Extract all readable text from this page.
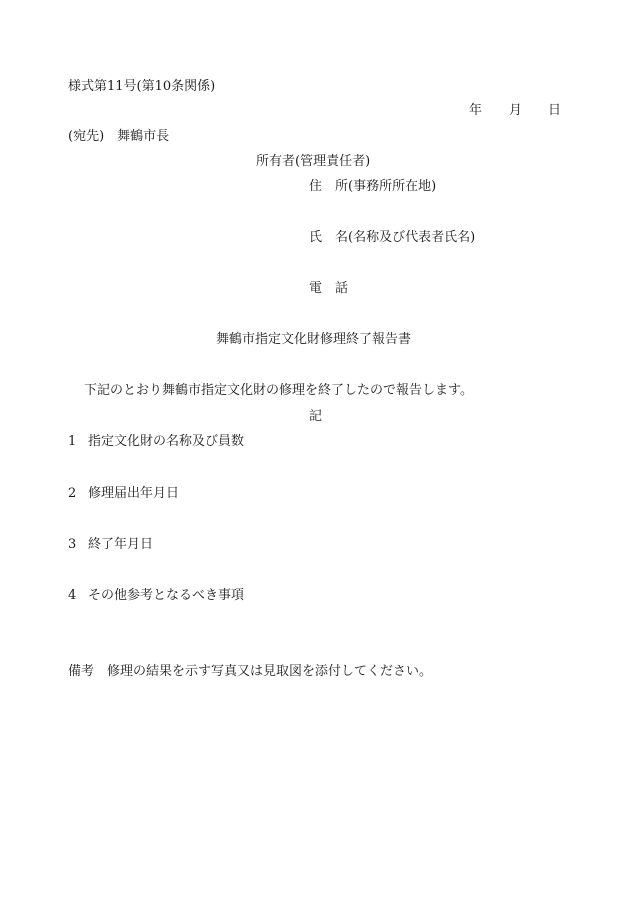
様式第11号(第10条関係)
年 月 日
(宛先)　舞鶴市長
所有者(管理責任者)
住　所(事務所所在地)
氏　名(名称及び代表者氏名)
電　話
舞鶴市指定文化財修理終了報告書
下記のとおり舞鶴市指定文化財の修理を終了したので報告します。
記
1 指定文化財の名称及び員数
2 修理届出年月日
3 終了年月日
4 その他参考となるべき事項
備考　修理の結果を示す写真又は見取図を添付してください。
